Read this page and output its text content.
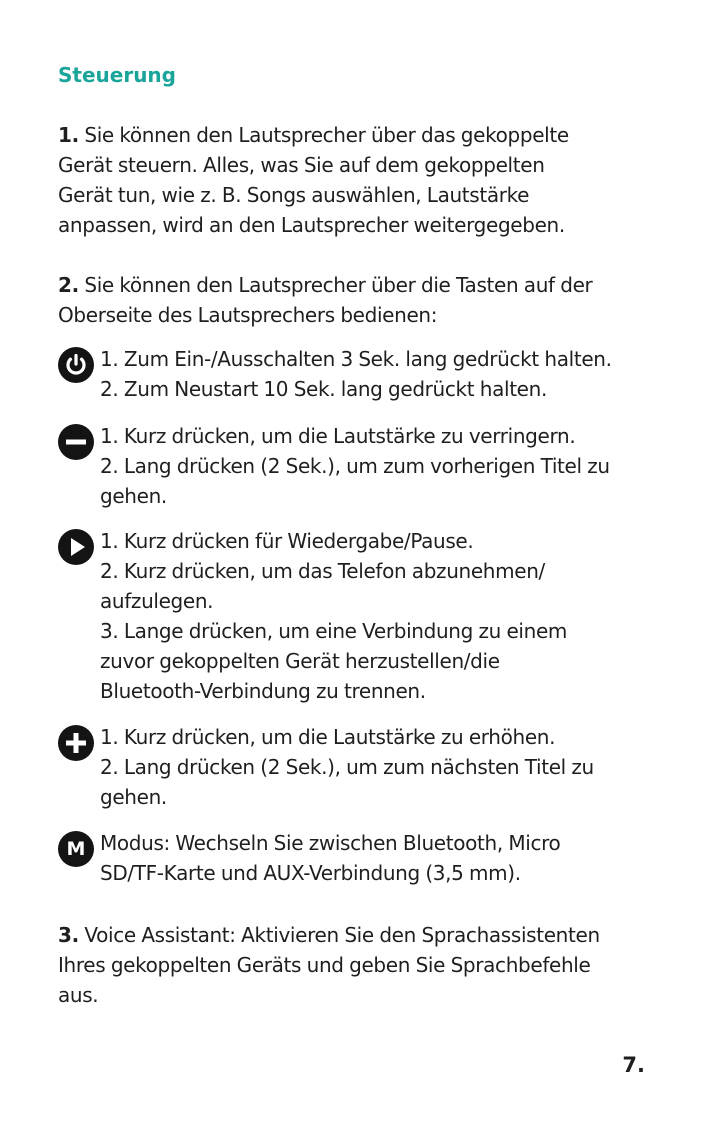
Steuerung
1. Sie können den Lautsprecher über das gekoppelte
Gerät steuern. Alles, was Sie auf dem gekoppelten
Gerät tun, wie z. B. Songs auswählen, Lautstärke
anpassen, wird an den Lautsprecher weitergegeben.
2. Sie können den Lautsprecher über die Tasten auf der
Oberseite des Lautsprechers bedienen:
1. Zum Ein-/Ausschalten 3 Sek. lang gedrückt halten.
2. Zum Neustart 10 Sek. lang gedrückt halten.
1. Kurz drücken, um die Lautstärke zu verringern.
2. Lang drücken (2 Sek.), um zum vorherigen Titel zu
gehen.
1. Kurz drücken für Wiedergabe/Pause.
2. Kurz drücken, um das Telefon abzunehmen/
aufzulegen.
3. Lange drücken, um eine Verbindung zu einem
zuvor gekoppelten Gerät herzustellen/die
Bluetooth-Verbindung zu trennen.
1. Kurz drücken, um die Lautstärke zu erhöhen.
2. Lang drücken (2 Sek.), um zum nächsten Titel zu
gehen.
M Modus: Wechseln Sie zwischen Bluetooth, Micro
SD/TF-Karte und AUX-Verbindung (3,5 mm).
3. Voice Assistant: Aktivieren Sie den Sprachassistenten
Ihres gekoppelten Geräts und geben Sie Sprachbefehle
aus.
7.
